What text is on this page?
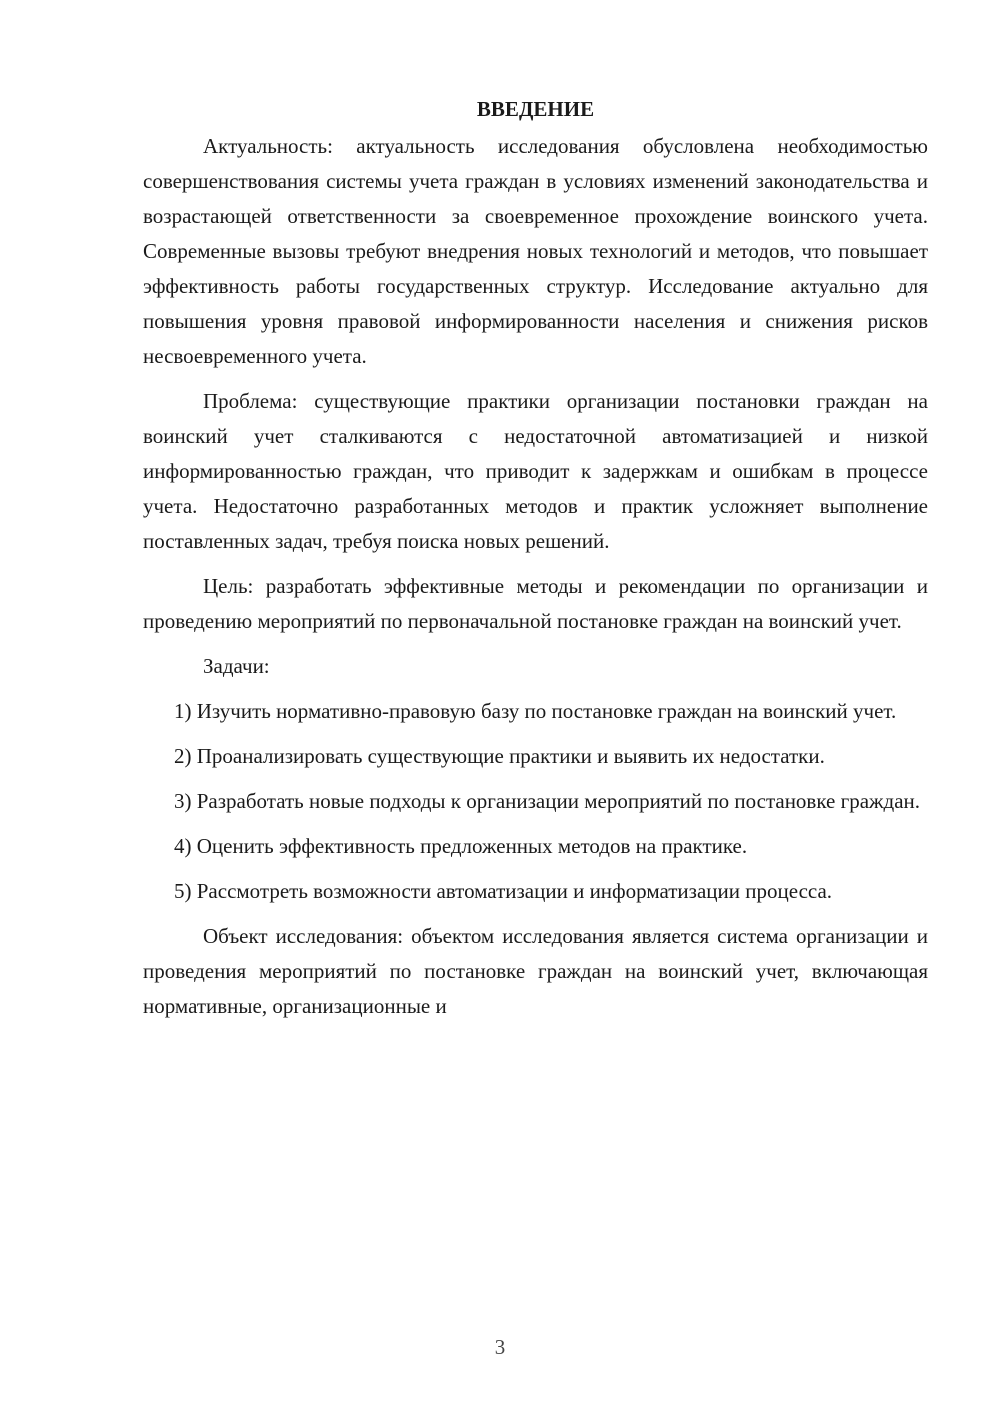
ВВЕДЕНИЕ

Актуальность: актуальность исследования обусловлена необходимостью совершенствования системы учета граждан в условиях изменений законодательства и возрастающей ответственности за своевременное прохождение воинского учета. Современные вызовы требуют внедрения новых технологий и методов, что повышает эффективность работы государственных структур. Исследование актуально для повышения уровня правовой информированности населения и снижения рисков несвоевременного учета.

Проблема: существующие практики организации постановки граждан на воинский учет сталкиваются с недостаточной автоматизацией и низкой информированностью граждан, что приводит к задержкам и ошибкам в процессе учета. Недостаточно разработанных методов и практик усложняет выполнение поставленных задач, требуя поиска новых решений.

Цель: разработать эффективные методы и рекомендации по организации и проведению мероприятий по первоначальной постановке граждан на воинский учет.

Задачи:

1) Изучить нормативно-правовую базу по постановке граждан на воинский учет.

2) Проанализировать существующие практики и выявить их недостатки.

3) Разработать новые подходы к организации мероприятий по постановке граждан.

4) Оценить эффективность предложенных методов на практике.

5) Рассмотреть возможности автоматизации и информатизации процесса.

Объект исследования: объектом исследования является система организации и проведения мероприятий по постановке граждан на воинский учет, включающая нормативные, организационные и

3
